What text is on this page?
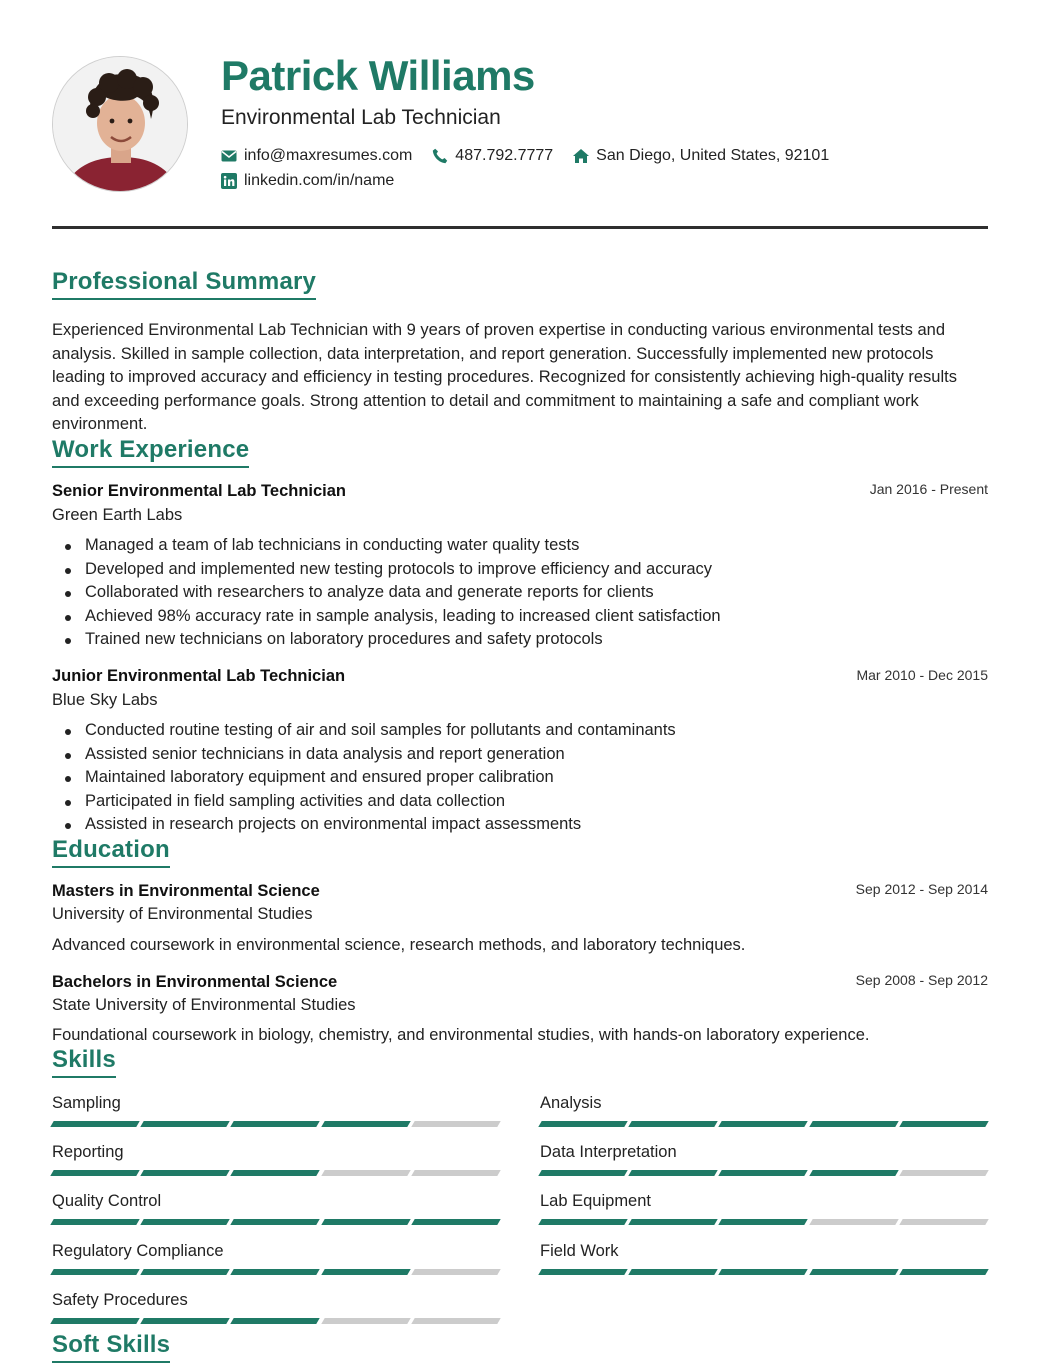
Patrick Williams
Environmental Lab Technician
info@maxresumes.com	487.792.7777	San Diego, United States, 92101
linkedin.com/in/name
Professional Summary
Experienced Environmental Lab Technician with 9 years of proven expertise in conducting various environmental tests and analysis. Skilled in sample collection, data interpretation, and report generation. Successfully implemented new protocols leading to improved accuracy and efficiency in testing procedures. Recognized for consistently achieving high-quality results and exceeding performance goals. Strong attention to detail and commitment to maintaining a safe and compliant work environment.
Work Experience
Senior Environmental Lab Technician	Jan 2016 - Present
Green Earth Labs
Managed a team of lab technicians in conducting water quality tests
Developed and implemented new testing protocols to improve efficiency and accuracy
Collaborated with researchers to analyze data and generate reports for clients
Achieved 98% accuracy rate in sample analysis, leading to increased client satisfaction
Trained new technicians on laboratory procedures and safety protocols
Junior Environmental Lab Technician	Mar 2010 - Dec 2015
Blue Sky Labs
Conducted routine testing of air and soil samples for pollutants and contaminants
Assisted senior technicians in data analysis and report generation
Maintained laboratory equipment and ensured proper calibration
Participated in field sampling activities and data collection
Assisted in research projects on environmental impact assessments
Education
Masters in Environmental Science	Sep 2012 - Sep 2014
University of Environmental Studies
Advanced coursework in environmental science, research methods, and laboratory techniques.
Bachelors in Environmental Science	Sep 2008 - Sep 2012
State University of Environmental Studies
Foundational coursework in biology, chemistry, and environmental studies, with hands-on laboratory experience.
Skills
Sampling	Analysis
Reporting	Data Interpretation
Quality Control	Lab Equipment
Regulatory Compliance	Field Work
Safety Procedures
Soft Skills
